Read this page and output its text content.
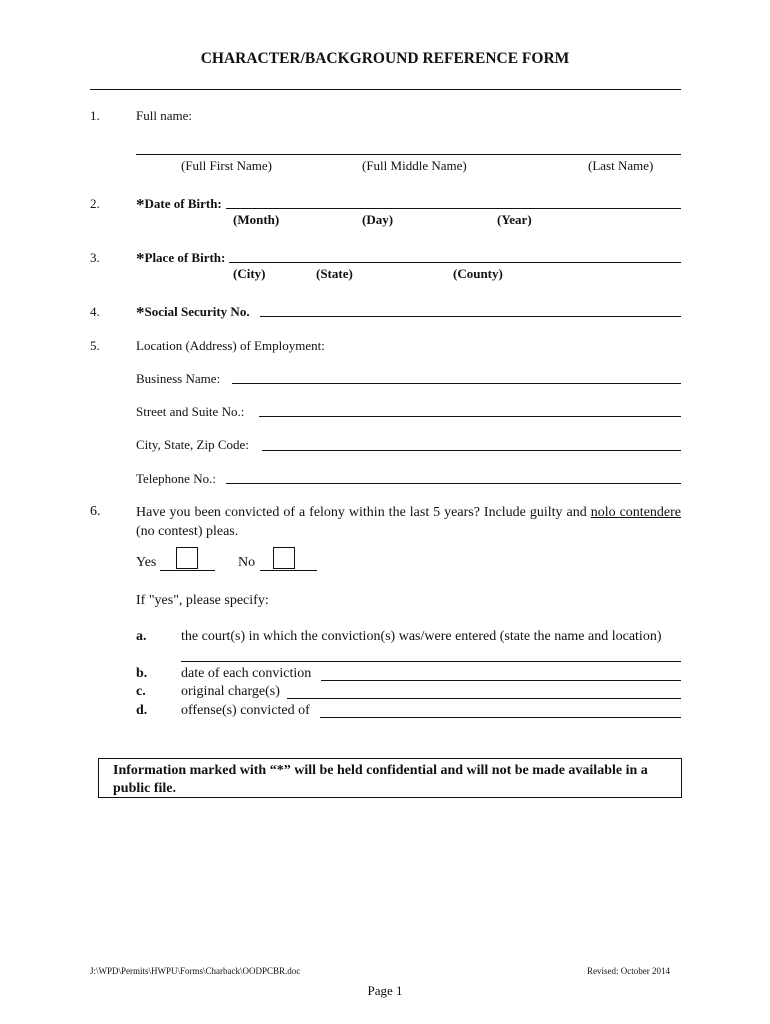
CHARACTER/BACKGROUND REFERENCE FORM
1.	Full name:
(Full First Name)	(Full Middle Name)	(Last Name)
2. *Date of Birth:
(Month)	(Day)	(Year)
3. *Place of Birth:
(City)	(State)	(County)
4. *Social Security No.
5.	Location (Address) of Employment:
Business Name:
Street and Suite No.:
City, State, Zip Code:
Telephone No.:
6.	Have you been convicted of a felony within the last 5 years? Include guilty and nolo contendere (no contest) pleas.
Yes	No
If "yes", please specify:
a. the court(s) in which the conviction(s) was/were entered (state the name and location)
b. date of each conviction
c.	original charge(s)
d. offense(s) convicted of
Information marked with “*” will be held confidential and will not be made available in a public file.
J:\WPD\Permits\HWPU\Forms\Charback\OODPCBR.doc	Revised: October 2014
Page 1
